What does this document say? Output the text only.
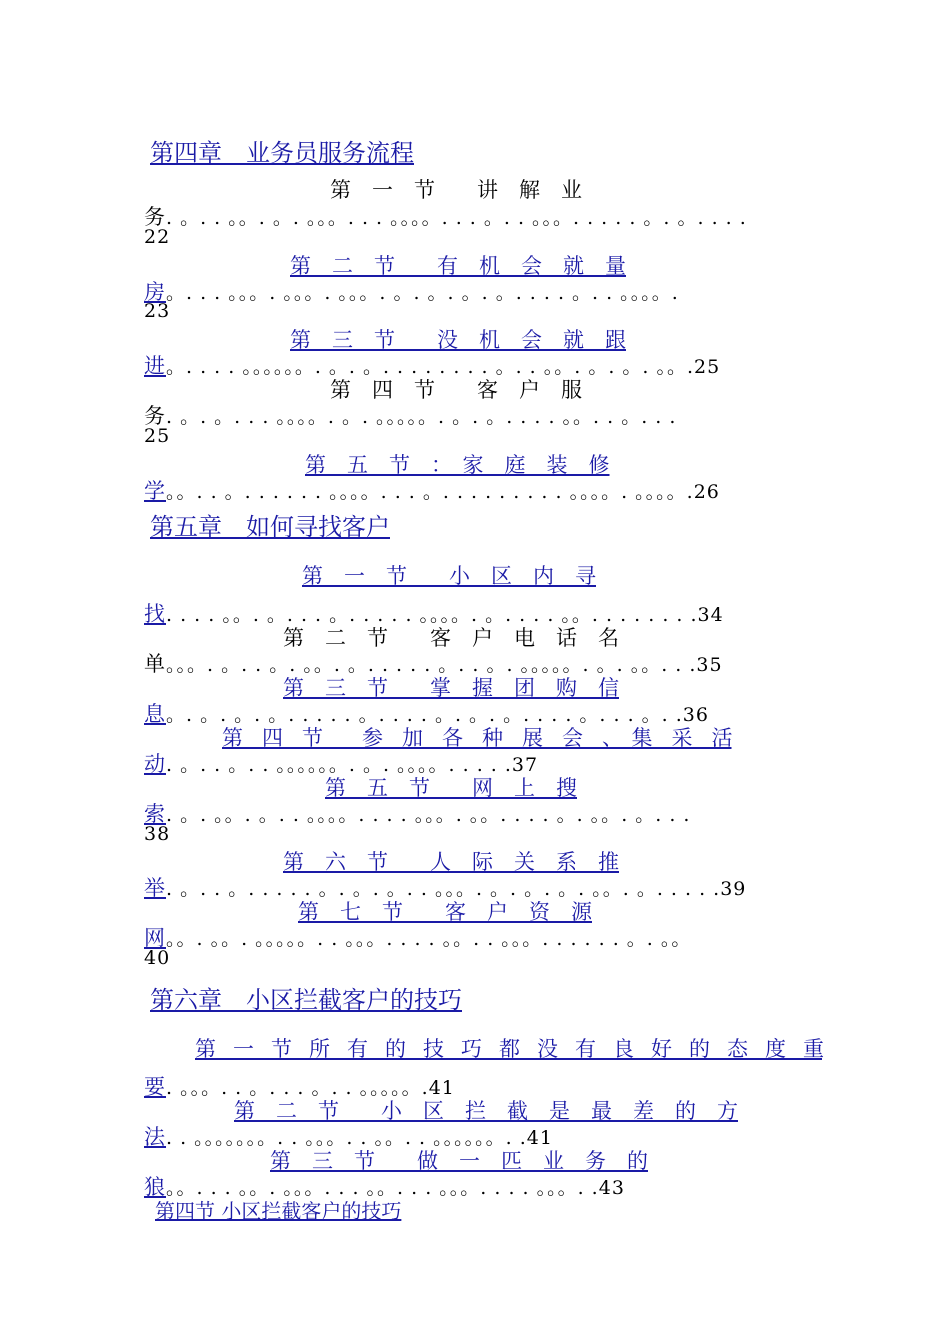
第四章　业务员服务流程
第　一　节　　讲　解　业
务. 。. . 。。. 。. 。。。. . . 。。。。. . . 。. . 。。。. . . . . 。. 。. . . .
22
第　二　节　　有　机　会　就　量
房。. . . 。。。. 。。。. 。。。. 。. 。. 。. 。. . . . 。. . 。。。。.
23
第　三　节　　没　机　会　就　跟
进。. . . . 。。。。。。. 。. 。. . . . . . . . 。. . 。。. 。. 。. 。。.25
第　四　节　　客　户　服
务. 。. 。. . . 。。。。. 。. 。。。。。. 。. 。. . . . 。。. . 。. . .
25
第　五　节　：　家　庭　装　修
学。。. . 。. . . . . . 。。。。. . . 。. . . . . . . . . 。。。。. 。。。。.26
第五章　如何寻找客户
第　一　节　　小　区　内　寻
找. . . . 。。. 。. . . 。. . . . . 。。。。. 。. . . . 。。. . . . . . . .34
第　二　节　　客　户　电　话　名
单。。。. 。. . 。. 。。. 。. . . . . 。. . 。. 。。。。。. 。. 。。. . .35
第　三　节　　掌　握　团　购　信
息。. 。. 。. 。. . . . . 。. . . . 。. 。. 。. . . . 。. . . 。. .36
第　四　节　　参　加　各　种　展　会　、　集　采　活
动. 。. . 。. . 。。。。。。. 。. 。。。。. . . . .37
第　五　节　　网　上　搜
索. 。. 。。. 。. . 。。。。. . . . 。。。. 。。. . . . 。. 。。. 。. . .
38
第　六　节　　人　际　关　系　推
举. 。. . 。. . . . . 。. 。. 。. . 。。。. 。. 。. 。. 。。. 。. . . . .39
第　七　节　　客　户　资　源
网。。. 。。. 。。。。。. . 。。。. . . . 。。. . 。。。. . . . . . 。. 。。
40
第六章　小区拦截客户的技巧
第　一　节　所　有　的　技　巧　都　没　有　良　好　的　态　度　重
要. 。。。. . 。. . . 。. . 。。。。。.41
第　二　节　　小　区　拦　截　是　最　差　的　方
法. . 。。。。。。。. . 。。。. . 。。. . 。。。。。。. .41
第　三　节　　做　一　匹　业　务　的
狼。。. . . 。。. 。。。. . . 。。. . . 。。。. . . . 。。。. .43
第四节 小区拦截客户的技巧
